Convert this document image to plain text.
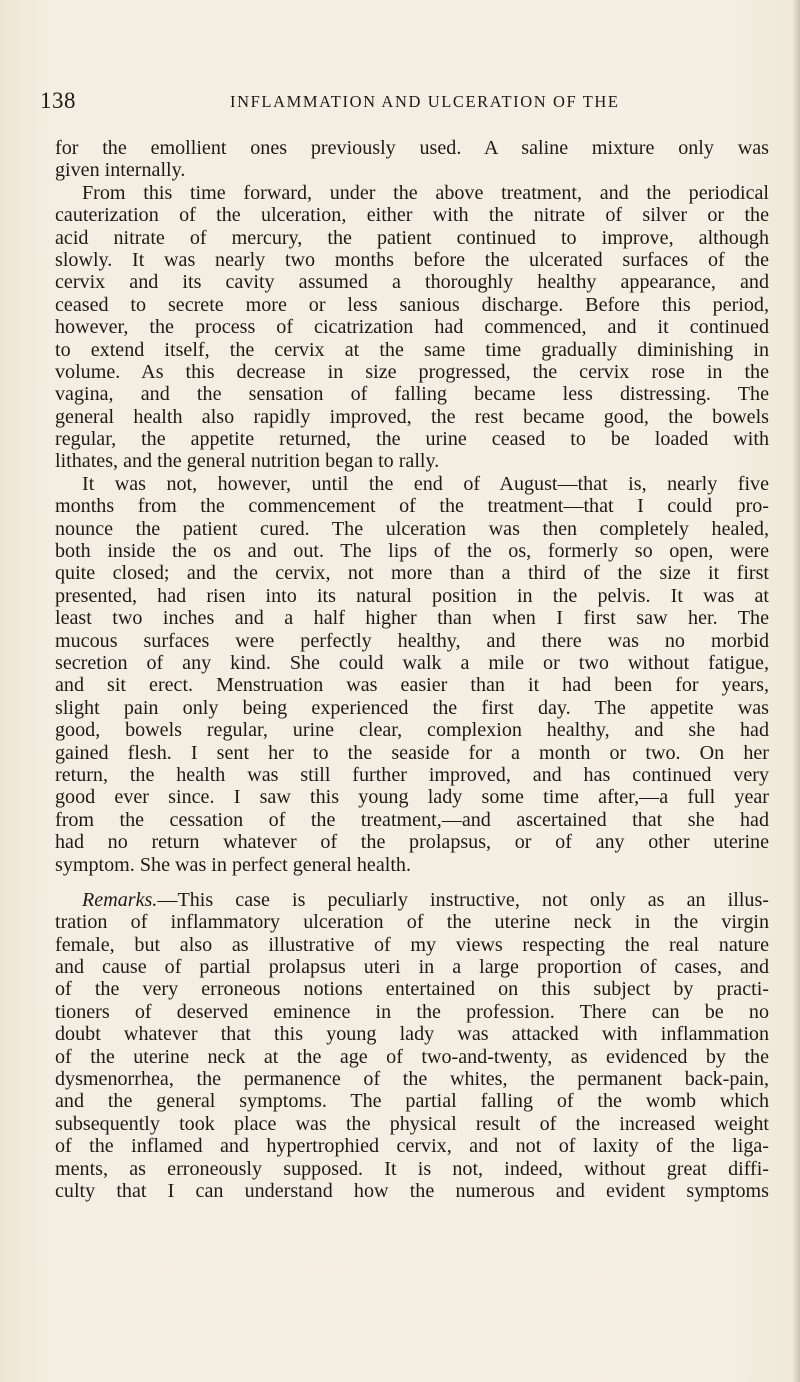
138	INFLAMMATION AND ULCERATION OF THE
for the emollient ones previously used. A saline mixture only was
given internally.
From this time forward, under the above treatment, and the periodical
cauterization of the ulceration, either with the nitrate of silver or the
acid nitrate of mercury, the patient continued to improve, although
slowly. It was nearly two months before the ulcerated surfaces of the
cervix and its cavity assumed a thoroughly healthy appearance, and
ceased to secrete more or less sanious discharge. Before this period,
however, the process of cicatrization had commenced, and it continued
to extend itself, the cervix at the same time gradually diminishing in
volume. As this decrease in size progressed, the cervix rose in the
vagina, and the sensation of falling became less distressing. The
general health also rapidly improved, the rest became good, the bowels
regular, the appetite returned, the urine ceased to be loaded with
lithates, and the general nutrition began to rally.
It was not, however, until the end of August—that is, nearly five
months from the commencement of the treatment—that I could pro-
nounce the patient cured. The ulceration was then completely healed,
both inside the os and out. The lips of the os, formerly so open, were
quite closed; and the cervix, not more than a third of the size it first
presented, had risen into its natural position in the pelvis. It was at
least two inches and a half higher than when I first saw her. The
mucous surfaces were perfectly healthy, and there was no morbid
secretion of any kind. She could walk a mile or two without fatigue,
and sit erect. Menstruation was easier than it had been for years,
slight pain only being experienced the first day. The appetite was
good, bowels regular, urine clear, complexion healthy, and she had
gained flesh. I sent her to the seaside for a month or two. On her
return, the health was still further improved, and has continued very
good ever since. I saw this young lady some time after,—a full year
from the cessation of the treatment,—and ascertained that she had
had no return whatever of the prolapsus, or of any other uterine
symptom. She was in perfect general health.
Remarks.—This case is peculiarly instructive, not only as an illus-
tration of inflammatory ulceration of the uterine neck in the virgin
female, but also as illustrative of my views respecting the real nature
and cause of partial prolapsus uteri in a large proportion of cases, and
of the very erroneous notions entertained on this subject by practi-
tioners of deserved eminence in the profession. There can be no
doubt whatever that this young lady was attacked with inflammation
of the uterine neck at the age of two-and-twenty, as evidenced by the
dysmenorrhea, the permanence of the whites, the permanent back-pain,
and the general symptoms. The partial falling of the womb which
subsequently took place was the physical result of the increased weight
of the inflamed and hypertrophied cervix, and not of laxity of the liga-
ments, as erroneously supposed. It is not, indeed, without great diffi-
culty that I can understand how the numerous and evident symptoms
